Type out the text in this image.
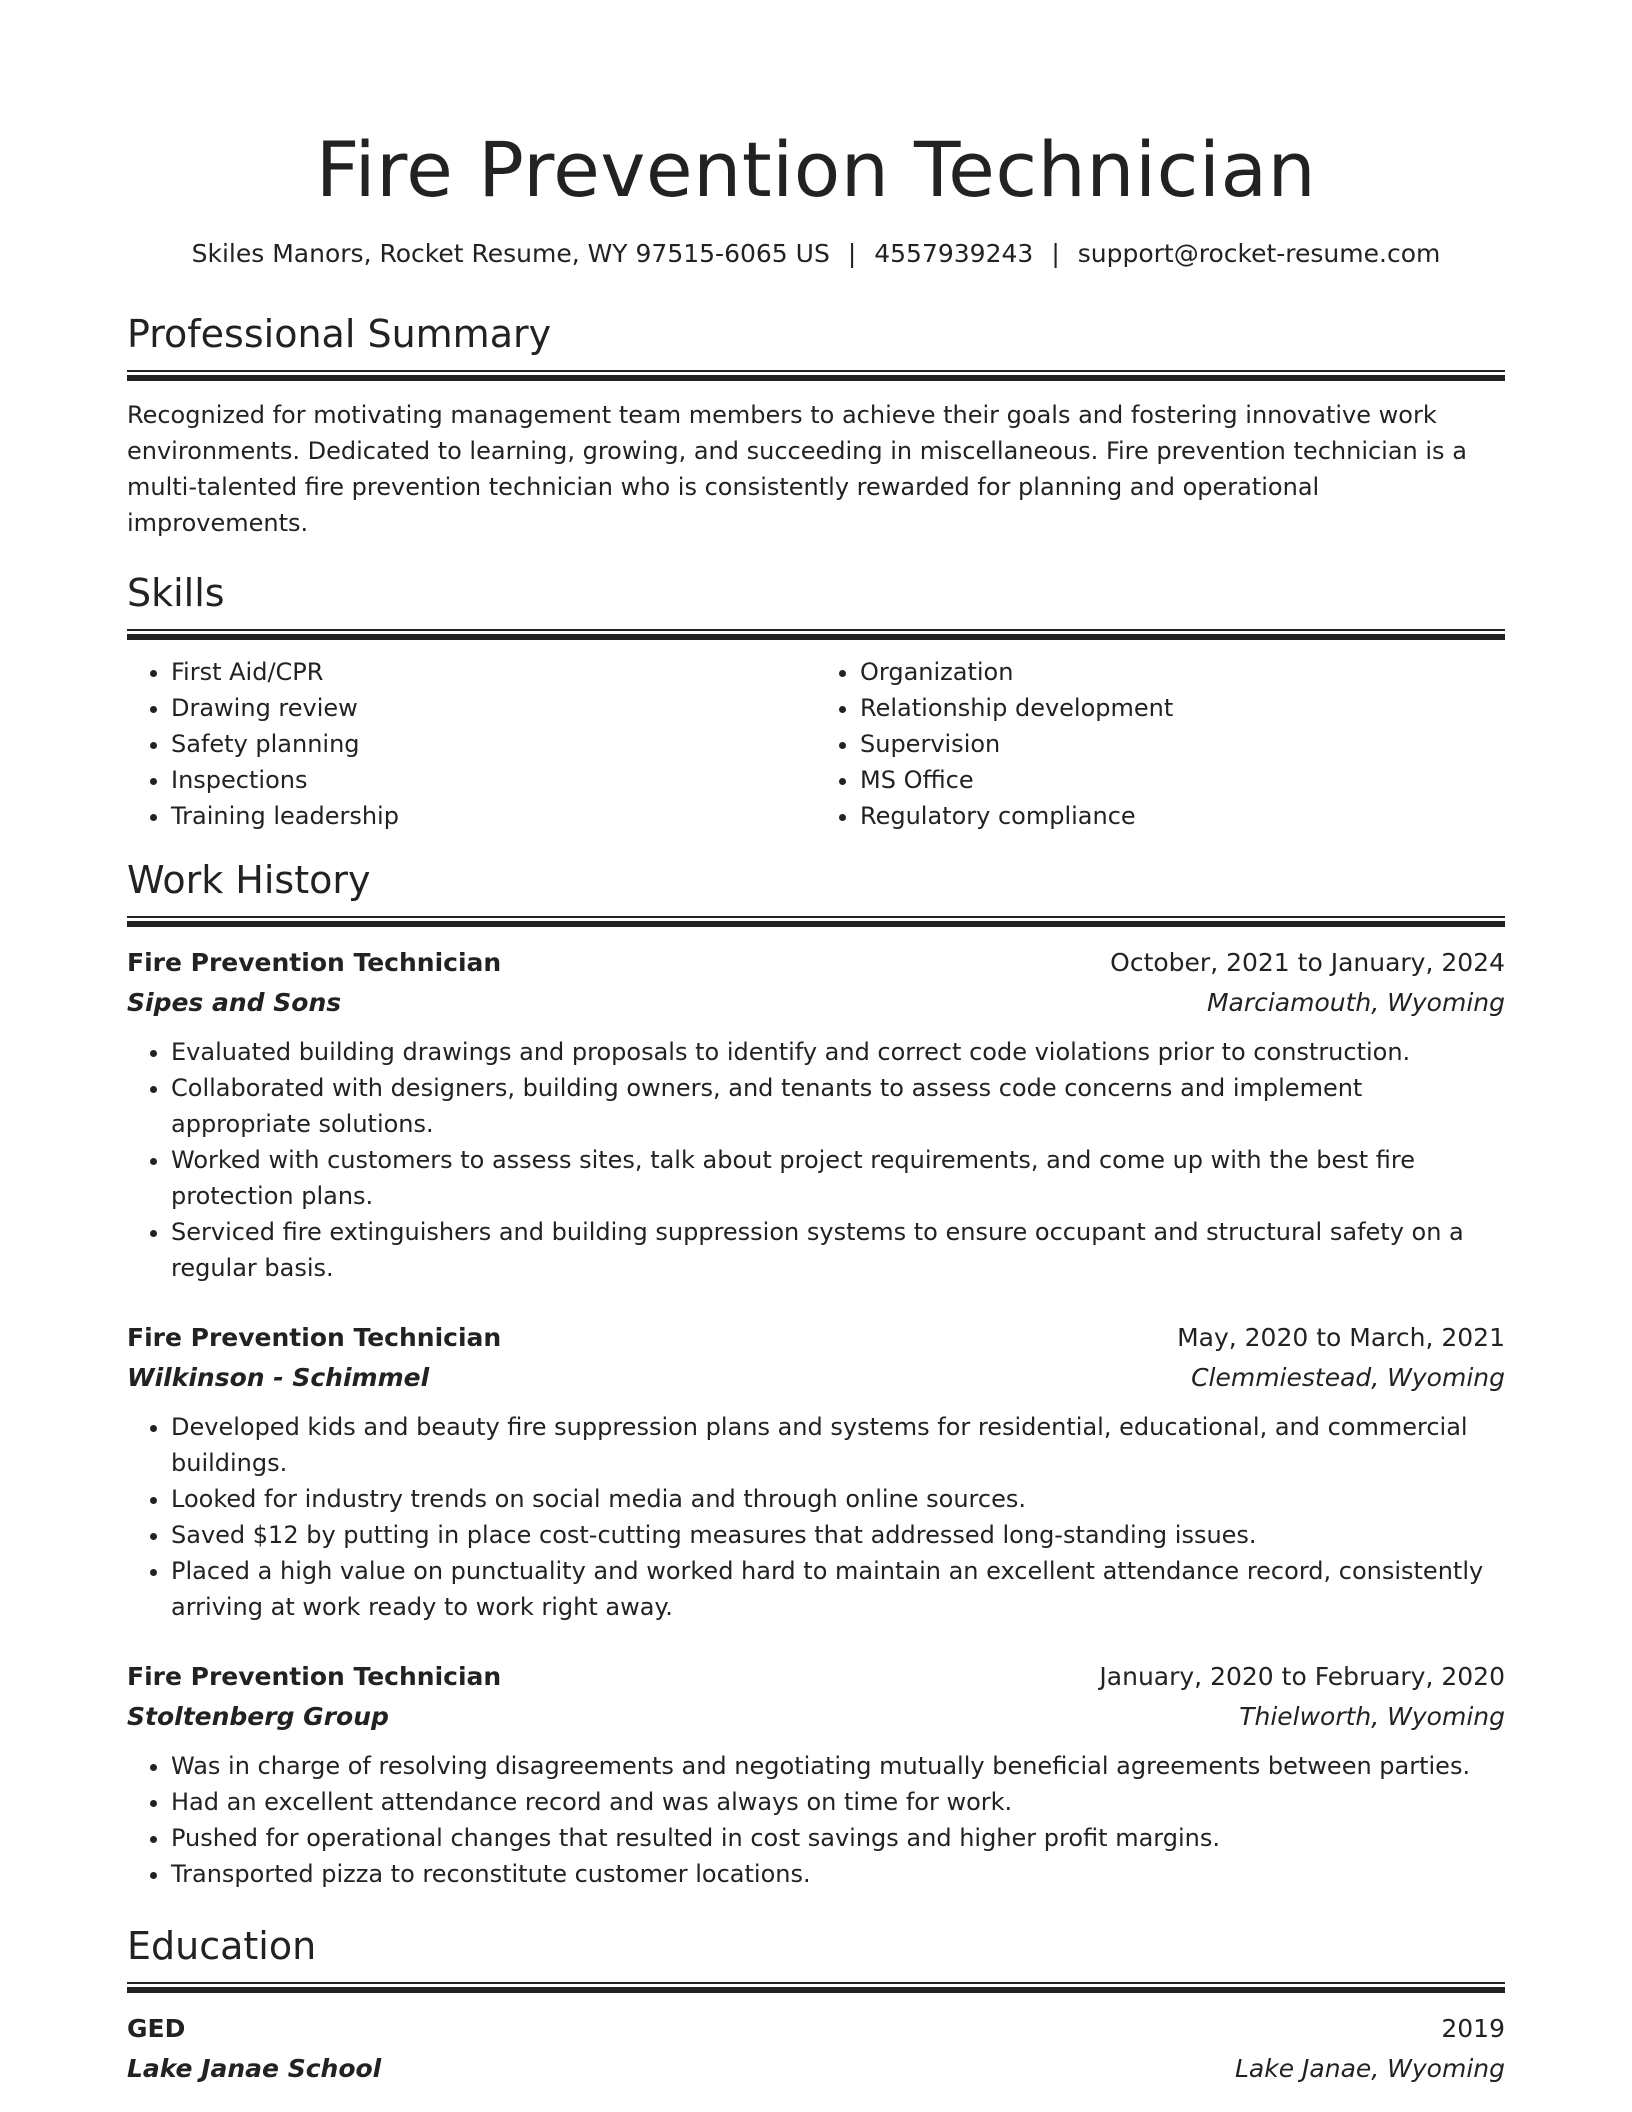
Fire Prevention Technician
Skiles Manors, Rocket Resume, WY 97515-6065 US | 4557939243 | support@rocket-resume.com
Professional Summary
Recognized for motivating management team members to achieve their goals and fostering innovative work environments. Dedicated to learning, growing, and succeeding in miscellaneous. Fire prevention technician is a multi-talented fire prevention technician who is consistently rewarded for planning and operational improvements.
Skills
• First Aid/CPR
• Drawing review
• Safety planning
• Inspections
• Training leadership
• Organization
• Relationship development
• Supervision
• MS Office
• Regulatory compliance
Work History
Fire Prevention Technician	October, 2021 to January, 2024
Sipes and Sons	Marciamouth, Wyoming
• Evaluated building drawings and proposals to identify and correct code violations prior to construction.
• Collaborated with designers, building owners, and tenants to assess code concerns and implement appropriate solutions.
• Worked with customers to assess sites, talk about project requirements, and come up with the best fire protection plans.
• Serviced fire extinguishers and building suppression systems to ensure occupant and structural safety on a regular basis.
Fire Prevention Technician	May, 2020 to March, 2021
Wilkinson - Schimmel	Clemmiestead, Wyoming
• Developed kids and beauty fire suppression plans and systems for residential, educational, and commercial buildings.
• Looked for industry trends on social media and through online sources.
• Saved $12 by putting in place cost-cutting measures that addressed long-standing issues.
• Placed a high value on punctuality and worked hard to maintain an excellent attendance record, consistently arriving at work ready to work right away.
Fire Prevention Technician	January, 2020 to February, 2020
Stoltenberg Group	Thielworth, Wyoming
• Was in charge of resolving disagreements and negotiating mutually beneficial agreements between parties.
• Had an excellent attendance record and was always on time for work.
• Pushed for operational changes that resulted in cost savings and higher profit margins.
• Transported pizza to reconstitute customer locations.
Education
GED	2019
Lake Janae School	Lake Janae, Wyoming
